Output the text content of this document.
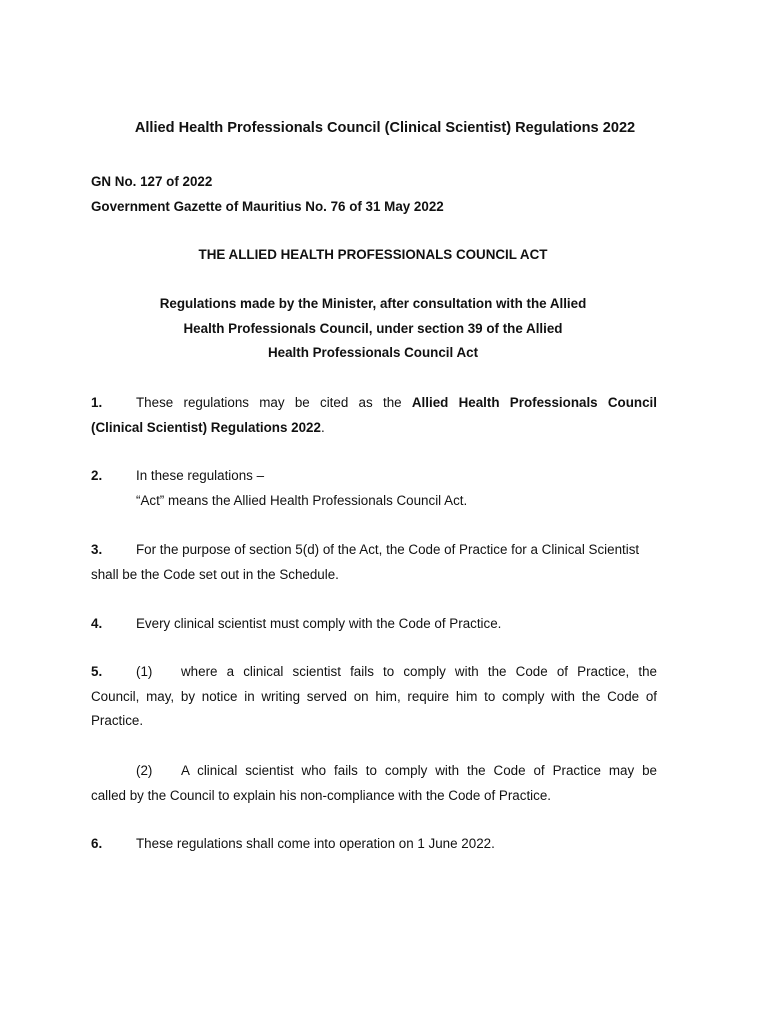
Allied Health Professionals Council (Clinical Scientist) Regulations 2022
GN No. 127 of 2022
Government Gazette of Mauritius No. 76 of 31 May 2022
THE ALLIED HEALTH PROFESSIONALS COUNCIL ACT
Regulations made by the Minister, after consultation with the Allied
Health Professionals Council, under section 39 of the Allied
Health Professionals Council Act
1.	These regulations may be cited as the Allied Health Professionals Council
(Clinical Scientist) Regulations 2022.
2.	In these regulations –
“Act” means the Allied Health Professionals Council Act.
3.	For the purpose of section 5(d) of the Act, the Code of Practice for a Clinical Scientist
shall be the Code set out in the Schedule.
4.	Every clinical scientist must comply with the Code of Practice.
5.	(1) where a clinical scientist fails to comply with the Code of Practice, the
Council, may, by notice in writing served on him, require him to comply with the Code of
Practice.
(2) A clinical scientist who fails to comply with the Code of Practice may be
called by the Council to explain his non-compliance with the Code of Practice.
6.	These regulations shall come into operation on 1 June 2022.
